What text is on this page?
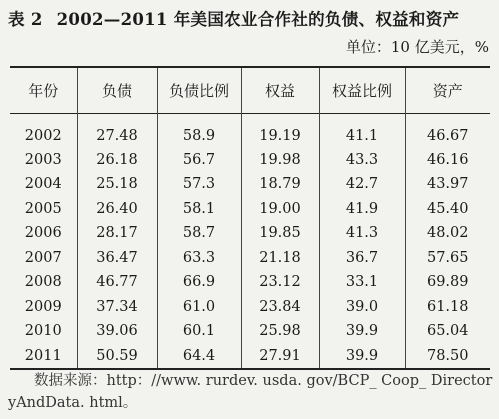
表 2 2002—2011 年美国农业合作社的负债、权益和资产
单位：10 亿美元，%
年份	负债	负债比例	权益	权益比例	资产
2002	27.48	58.9	19.19	41.1	46.67
2003	26.18	56.7	19.98	43.3	46.16
2004	25.18	57.3	18.79	42.7	43.97
2005	26.40	58.1	19.00	41.9	45.40
2006	28.17	58.7	19.85	41.3	48.02
2007	36.47	63.3	21.18	36.7	57.65
2008	46.77	66.9	23.12	33.1	69.89
2009	37.34	61.0	23.84	39.0	61.18
2010	39.06	60.1	25.98	39.9	65.04
2011	50.59	64.4	27.91	39.9	78.50
数据来源：http：//www. rurdev. usda. gov/BCP_ Coop_ DirectoryAndData. html。
